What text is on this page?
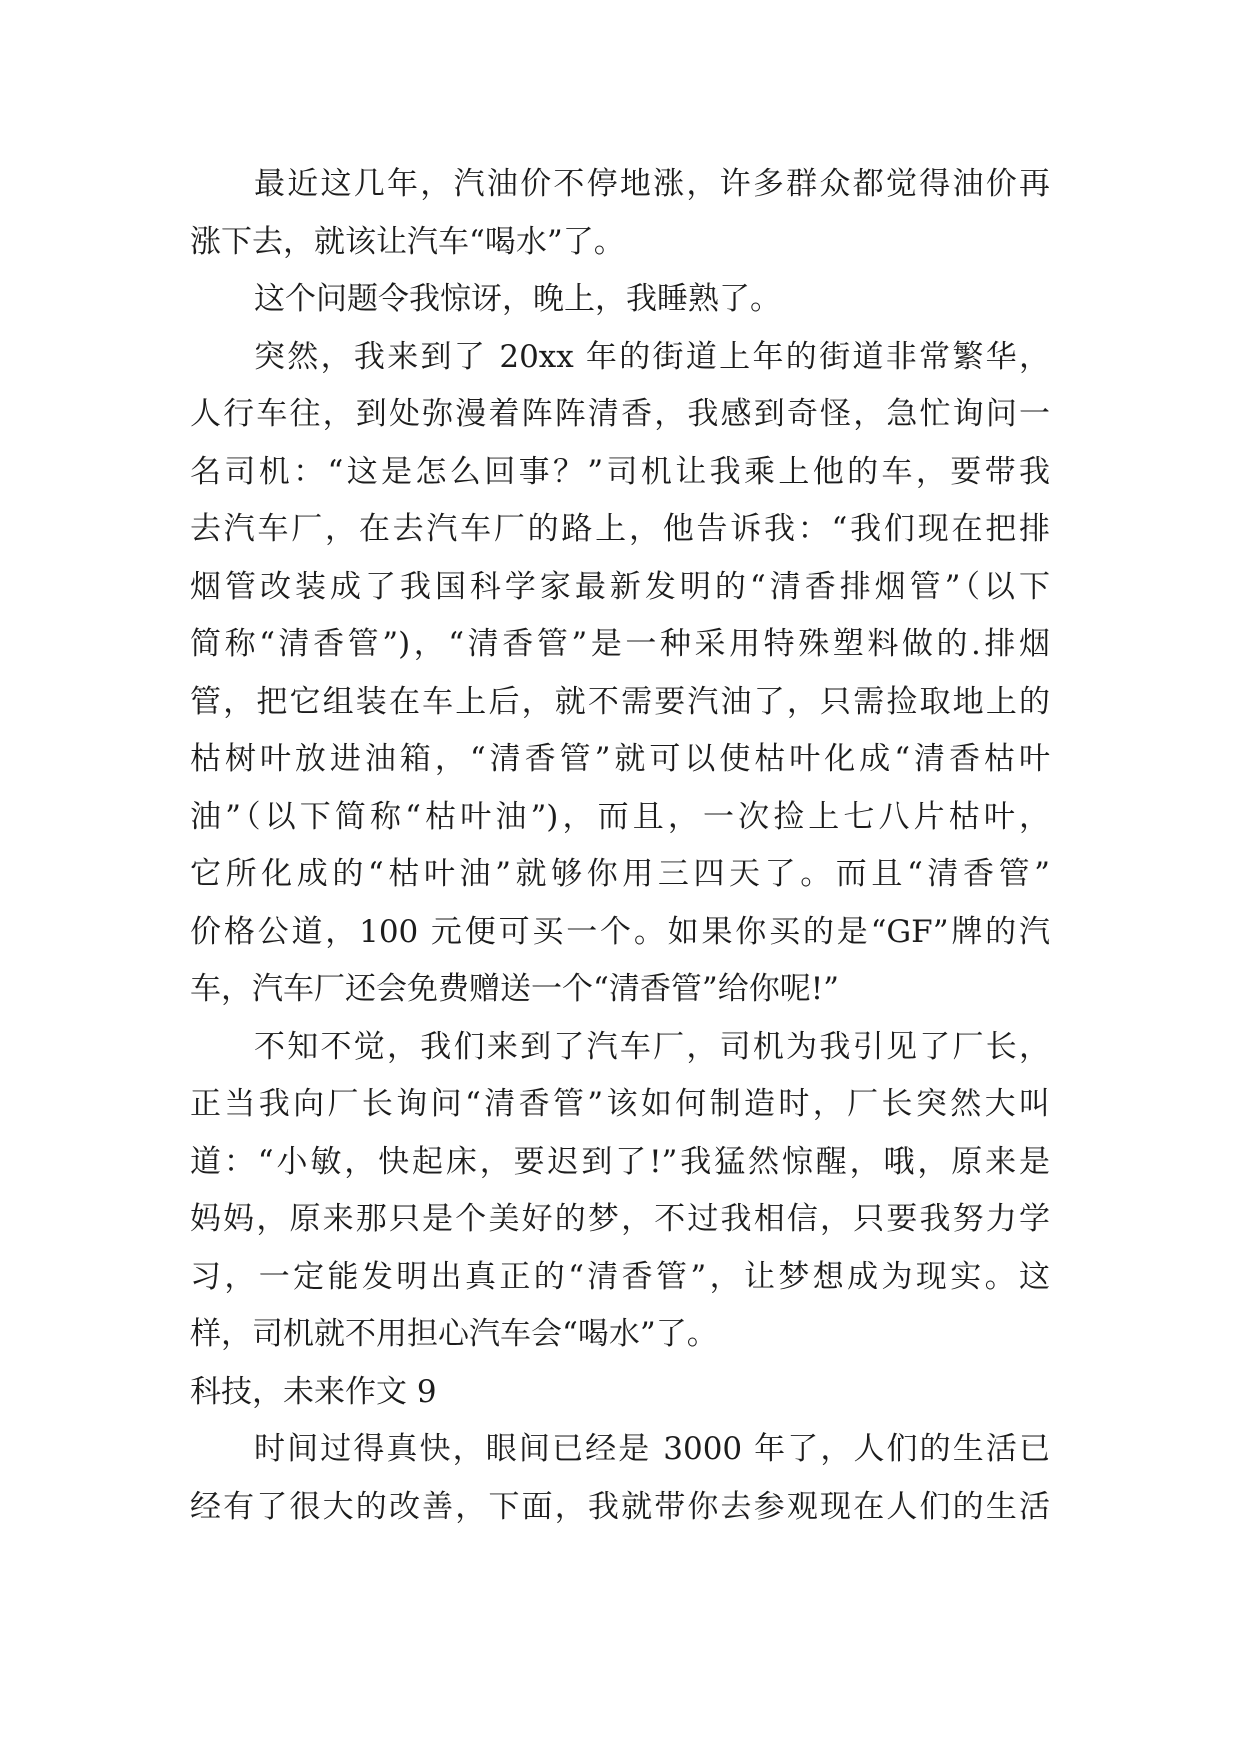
最近这几年，汽油价不停地涨，许多群众都觉得油价再
涨下去，就该让汽车“喝水”了。
这个问题令我惊讶，晚上，我睡熟了。
突然，我来到了 20xx 年的街道上年的街道非常繁华，
人行车往，到处弥漫着阵阵清香，我感到奇怪，急忙询问一
名司机：“这是怎么回事？”司机让我乘上他的车，要带我
去汽车厂，在去汽车厂的路上，他告诉我：“我们现在把排
烟管改装成了我国科学家最新发明的“清香排烟管”（以下
简称“清香管”)，“清香管”是一种采用特殊塑料做的.排烟
管，把它组装在车上后，就不需要汽油了，只需捡取地上的
枯树叶放进油箱，“清香管”就可以使枯叶化成“清香枯叶
油”（以下简称“枯叶油”)，而且，一次捡上七八片枯叶，
它所化成的“枯叶油”就够你用三四天了。而且“清香管”
价格公道，100 元便可买一个。如果你买的是“GF”牌的汽
车，汽车厂还会免费赠送一个“清香管”给你呢!”
不知不觉，我们来到了汽车厂，司机为我引见了厂长，
正当我向厂长询问“清香管”该如何制造时，厂长突然大叫
道：“小敏，快起床，要迟到了!”我猛然惊醒，哦，原来是
妈妈，原来那只是个美好的梦，不过我相信，只要我努力学
习，一定能发明出真正的“清香管”，让梦想成为现实。这
样，司机就不用担心汽车会“喝水”了。
科技，未来作文 9
时间过得真快，眼间已经是 3000 年了，人们的生活已
经有了很大的改善，下面，我就带你去参观现在人们的生活
